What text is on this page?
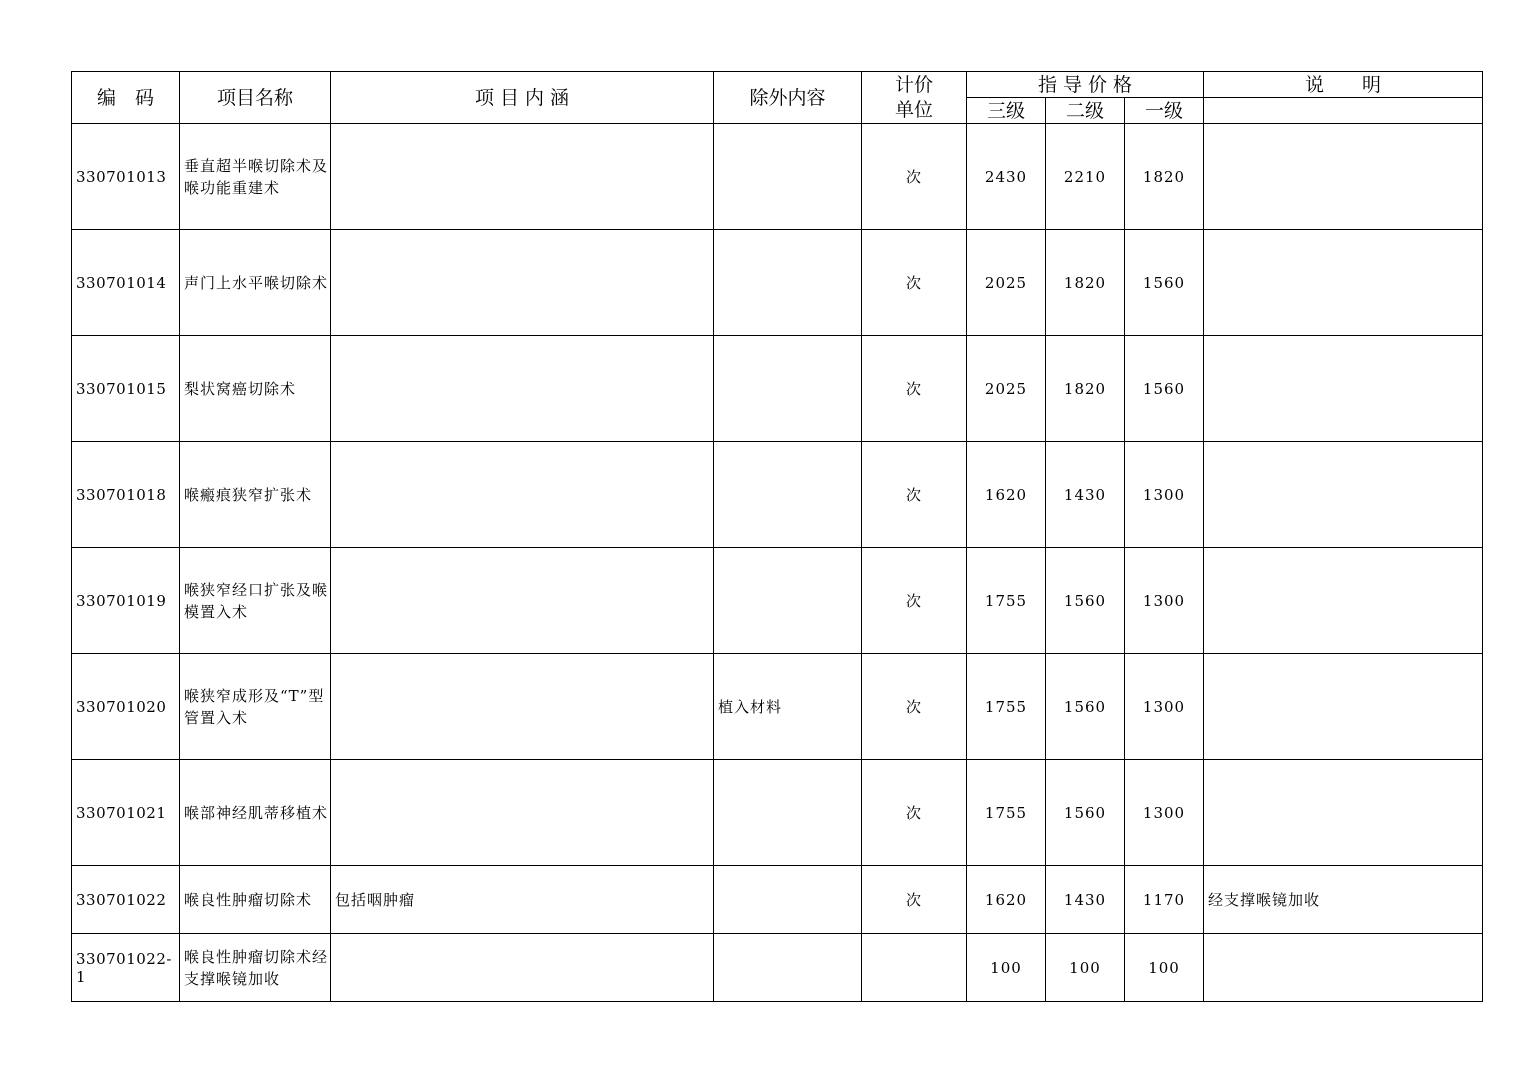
编　码	项目名称	项 目 内 涵	除外内容	计价
单位	指 导 价 格			说　　明
					三级	二级	一级	
330701013	垂直超半喉切除术及喉功能重建术			次	2430	2210	1820	
330701014	声门上水平喉切除术			次	2025	1820	1560	
330701015	梨状窝癌切除术			次	2025	1820	1560	
330701018	喉瘢痕狭窄扩张术			次	1620	1430	1300	
330701019	喉狭窄经口扩张及喉模置入术			次	1755	1560	1300	
330701020	喉狭窄成形及“T”型管置入术		植入材料	次	1755	1560	1300	
330701021	喉部神经肌蒂移植术			次	1755	1560	1300	
330701022	喉良性肿瘤切除术	包括咽肿瘤		次	1620	1430	1170	经支撑喉镜加收
330701022-1	喉良性肿瘤切除术经支撑喉镜加收				100	100	100	
